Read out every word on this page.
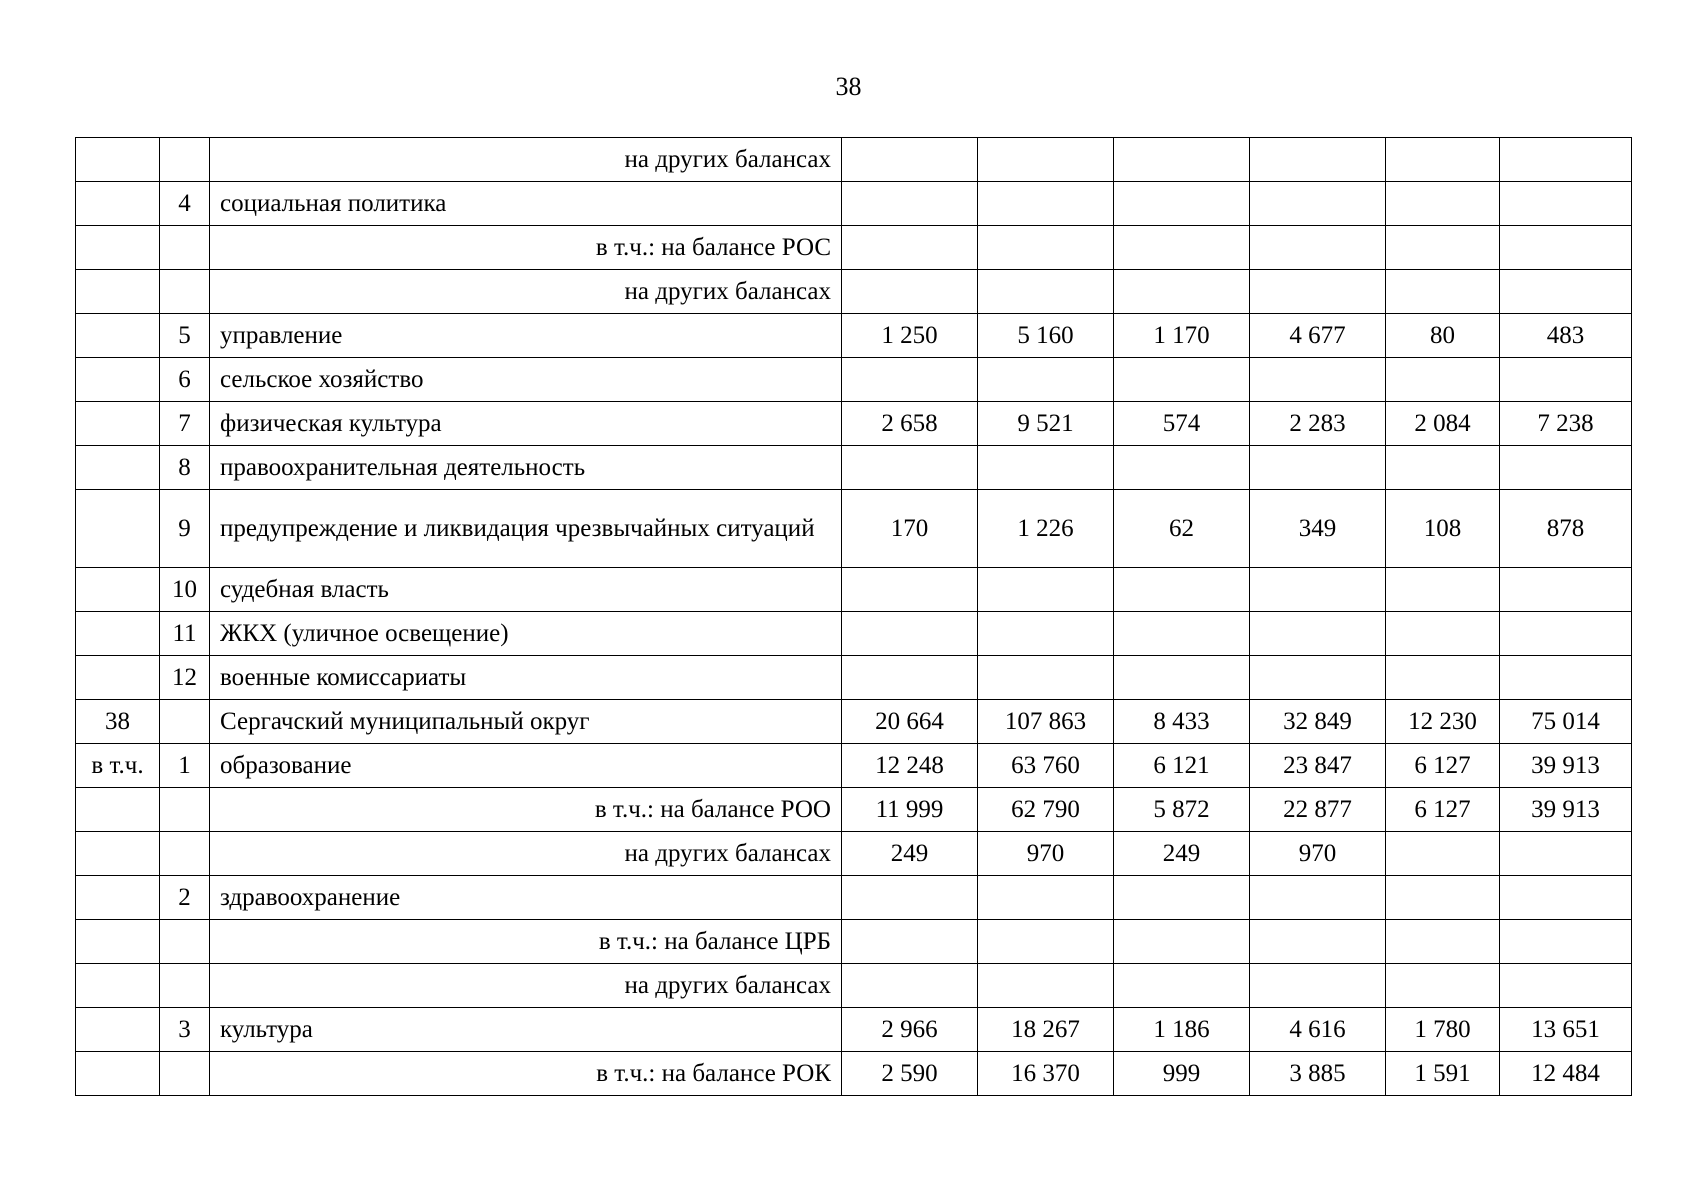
38
		на других балансах						
	4	социальная политика						
		в т.ч.: на балансе РОС						
		на других балансах						
	5	управление	1 250	5 160	1 170	4 677	80	483
	6	сельское хозяйство						
	7	физическая культура	2 658	9 521	574	2 283	2 084	7 238
	8	правоохранительная деятельность						
	9	предупреждение и ликвидация чрезвычайных ситуаций	170	1 226	62	349	108	878
	10	судебная власть						
	11	ЖКХ (уличное освещение)						
	12	военные комиссариаты						
38		Сергачский муниципальный округ	20 664	107 863	8 433	32 849	12 230	75 014
в т.ч.	1	образование	12 248	63 760	6 121	23 847	6 127	39 913
		в т.ч.: на балансе РОО	11 999	62 790	5 872	22 877	6 127	39 913
		на других балансах	249	970	249	970		
	2	здравоохранение						
		в т.ч.: на балансе ЦРБ						
		на других балансах						
	3	культура	2 966	18 267	1 186	4 616	1 780	13 651
		в т.ч.: на балансе РОК	2 590	16 370	999	3 885	1 591	12 484
